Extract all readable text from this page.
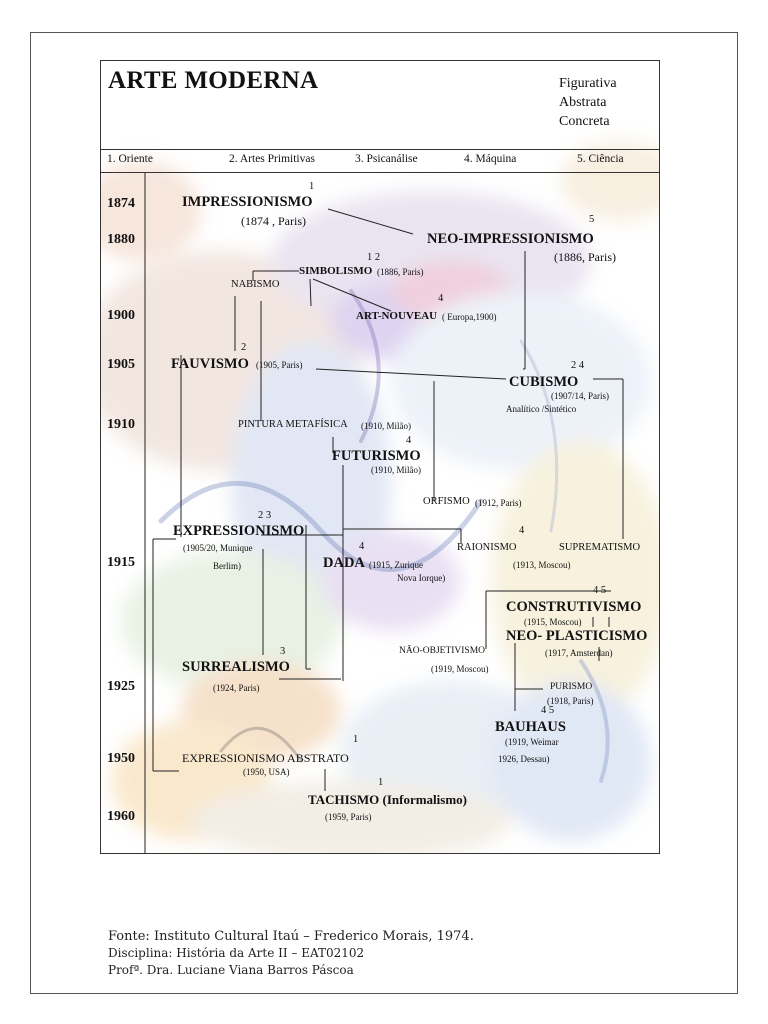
ARTE MODERNA	Figurativa
Abstrata
Concreta
1. Oriente	2. Artes Primitivas	3. Psicanálise	4. Máquina	5. Ciência
1874
1880
1900
1905
1910
1915
1925
1950
1960
1
IMPRESSIONISMO
(1874 , Paris)	5
NEO-IMPRESSIONISMO
(1886, Paris)
1 2
SIMBOLISMO (1886, Paris)
NABISMO
4
ART-NOUVEAU ( Europa,1900)
2
FAUVISMO (1905, Paris)	2 4
CUBISMO
(1907/14, Paris)
Analítico /Sintético
PINTURA METAFÍSICA (1910, Milão)
4
FUTURISMO
(1910, Milão)
ORFISMO (1912, Paris)
2 3
EXPRESSIONISMO
(1905/20, Munique
Berlim)
4
RAIONISMO
(1913, Moscou)
SUPREMATISMO
4
DADA (1915, Zurique
Nova Iorque)
4 5
CONSTRUTIVISMO
(1915, Moscou)
NEO- PLASTICISMO
(1917, Amsterdan)
NÃO-OBJETIVISMO
(1919, Moscou)
3
SURREALISMO
(1924, Paris)	PURISMO
(1918, Paris)
4 5
BAUHAUS
(1919, Weimar
1926, Dessau)
1
EXPRESSIONISMO ABSTRATO
(1950, USA)
1
TACHISMO (Informalismo)
(1959, Paris)
Fonte: Instituto Cultural Itaú – Frederico Morais, 1974.
Disciplina: História da Arte II – EAT02102
Profª. Dra. Luciane Viana Barros Páscoa
